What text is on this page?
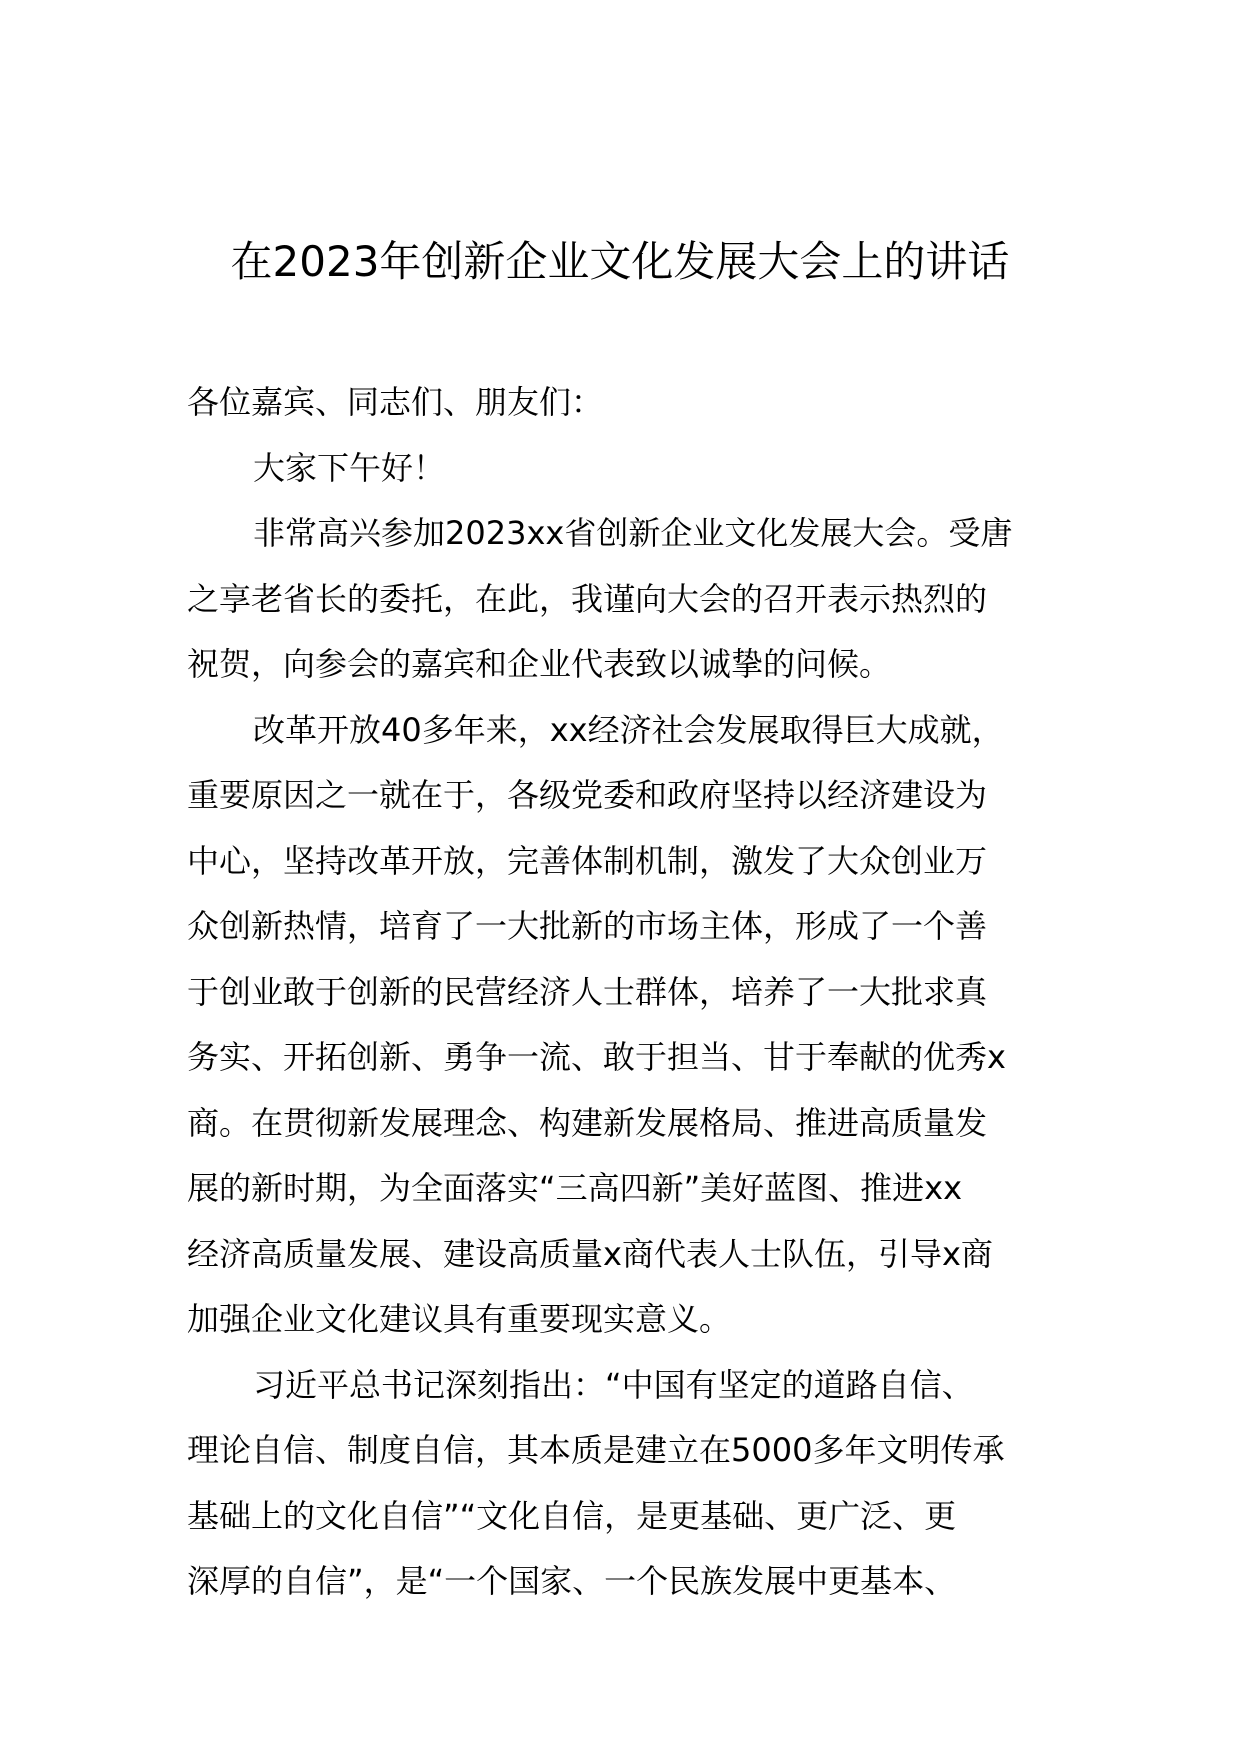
在2023年创新企业文化发展大会上的讲话
各位嘉宾、同志们、朋友们：
大家下午好！
非常高兴参加2023xx省创新企业文化发展大会。受唐
之享老省长的委托，在此，我谨向大会的召开表示热烈的
祝贺，向参会的嘉宾和企业代表致以诚挚的问候。
改革开放40多年来，xx经济社会发展取得巨大成就，
重要原因之一就在于，各级党委和政府坚持以经济建设为
中心，坚持改革开放，完善体制机制，激发了大众创业万
众创新热情，培育了一大批新的市场主体，形成了一个善
于创业敢于创新的民营经济人士群体，培养了一大批求真
务实、开拓创新、勇争一流、敢于担当、甘于奉献的优秀x
商。在贯彻新发展理念、构建新发展格局、推进高质量发
展的新时期，为全面落实“三高四新”美好蓝图、推进xx
经济高质量发展、建设高质量x商代表人士队伍，引导x商
加强企业文化建议具有重要现实意义。
习近平总书记深刻指出：“中国有坚定的道路自信、
理论自信、制度自信，其本质是建立在5000多年文明传承
基础上的文化自信”“文化自信，是更基础、更广泛、更
深厚的自信”，是“一个国家、一个民族发展中更基本、
